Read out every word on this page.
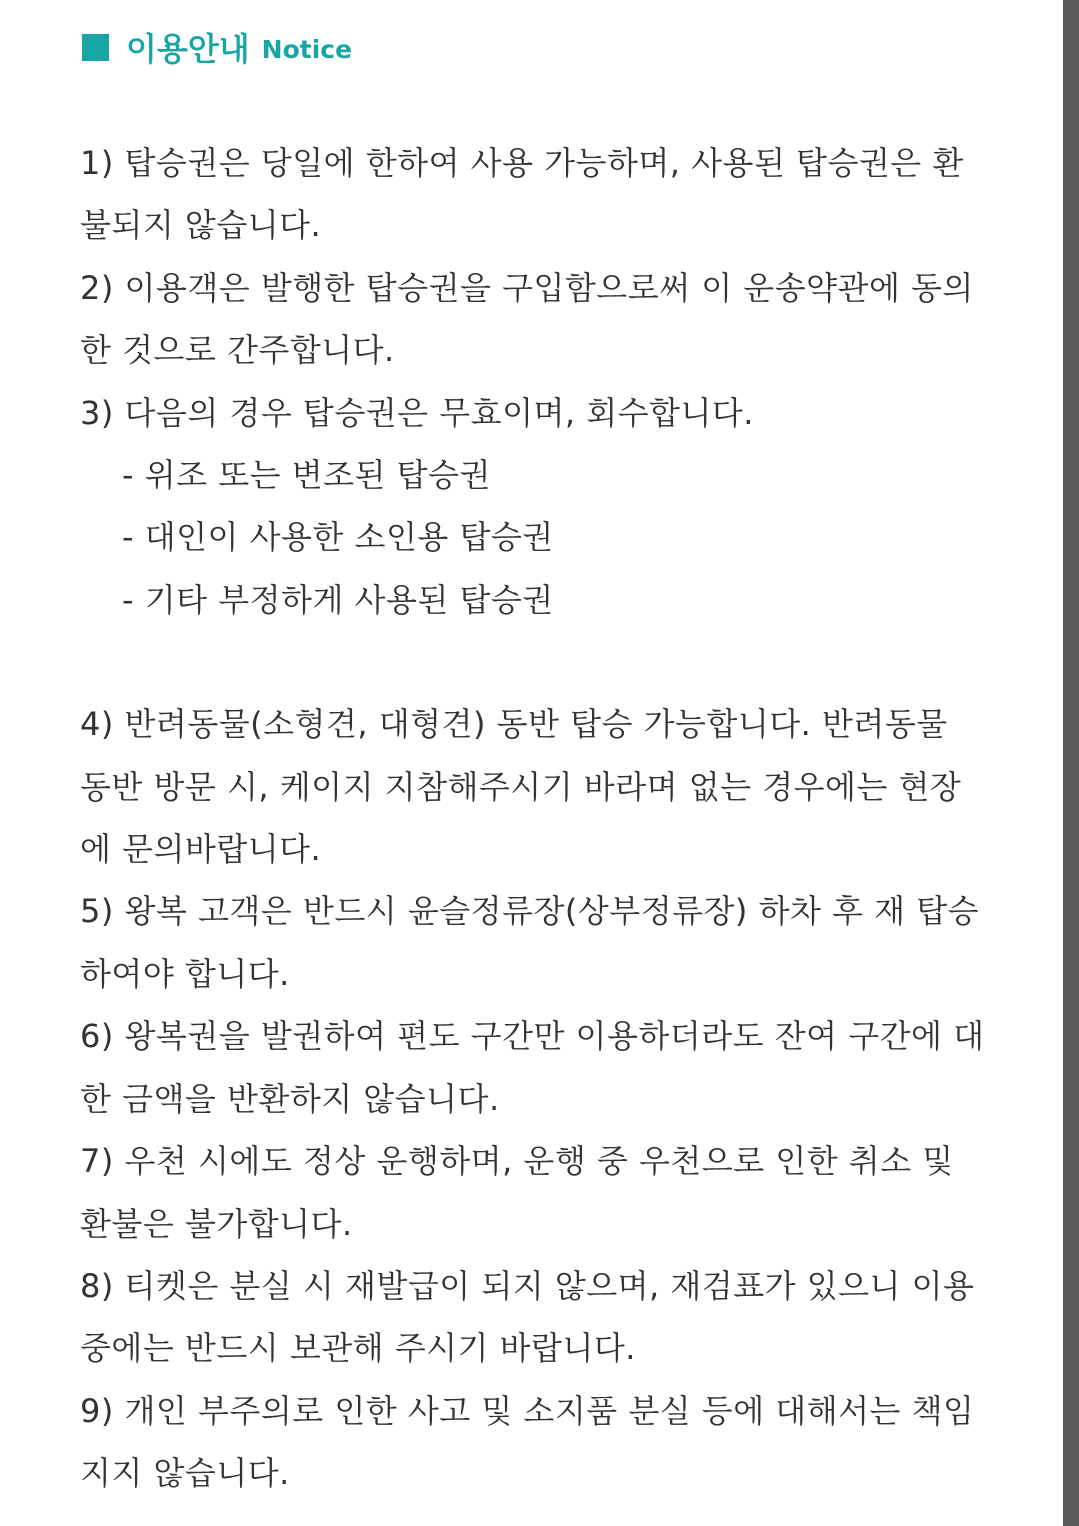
이용안내 Notice

1) 탑승권은 당일에 한하여 사용 가능하며, 사용된 탑승권은 환불되지 않습니다.

2) 이용객은 발행한 탑승권을 구입함으로써 이 운송약관에 동의한 것으로 간주합니다.

3) 다음의 경우 탑승권은 무효이며, 회수합니다.

- 위조 또는 변조된 탑승권

- 대인이 사용한 소인용 탑승권

- 기타 부정하게 사용된 탑승권

4) 반려동물(소형견, 대형견) 동반 탑승 가능합니다. 반려동물 동반 방문 시, 케이지 지참해주시기 바라며 없는 경우에는 현장에 문의바랍니다.

5) 왕복 고객은 반드시 윤슬정류장(상부정류장) 하차 후 재 탑승하여야 합니다.

6) 왕복권을 발권하여 편도 구간만 이용하더라도 잔여 구간에 대한 금액을 반환하지 않습니다.

7) 우천 시에도 정상 운행하며, 운행 중 우천으로 인한 취소 및 환불은 불가합니다.

8) 티켓은 분실 시 재발급이 되지 않으며, 재검표가 있으니 이용 중에는 반드시 보관해 주시기 바랍니다.

9) 개인 부주의로 인한 사고 및 소지품 분실 등에 대해서는 책임지지 않습니다.
